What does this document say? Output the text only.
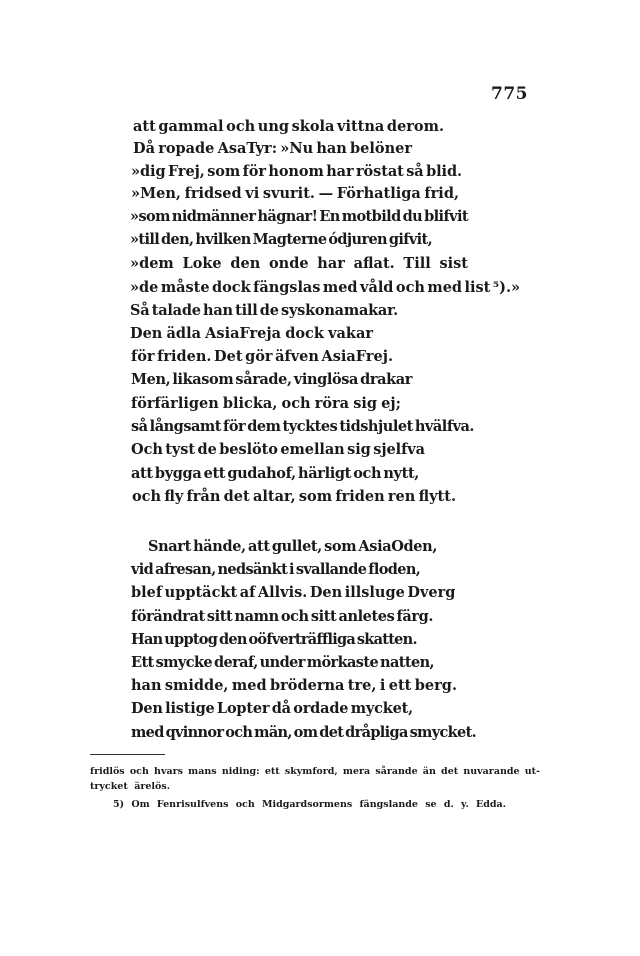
775
att gammal och ung skola vittna derom.
Då ropade AsaTyr: »Nu han belöner
»dig Frej, som för honom har röstat så blid.
»Men, fridsed vi svurit. — Förhatliga frid,
»som nidmänner hägnar! En motbild du blifvit
»till den, hvilken Magterne ódjuren gifvit,
»dem Loke den onde har aflat. Till sist
»de måste dock fängslas med våld och med list ⁵).»
Så talade han till de syskonamakar.
Den ädla AsiaFreja dock vakar
för friden. Det gör äfven AsiaFrej.
Men, likasom sårade, vinglösa drakar
förfärligen blicka, och röra sig ej;
så långsamt för dem tycktes tidshjulet hvälfva.
Och tyst de beslöto emellan sig sjelfva
att bygga ett gudahof, härligt och nytt,
och fly från det altar, som friden ren flytt.
Snart hände, att gullet, som AsiaOden,
vid afresan, nedsänkt i svallande floden,
blef upptäckt af Allvis. Den illsluge Dverg
förändrat sitt namn och sitt anletes färg.
Han upptog den oöfverträffliga skatten.
Ett smycke deraf, under mörkaste natten,
han smidde, med bröderna tre, i ett berg.
Den listige Lopter då ordade mycket,
med qvinnor och män, om det dråpliga smycket.
fridlös och hvars mans niding: ett skymford, mera sårande än det nuvarande ut-
trycket ärelös.
5) Om Fenrisulfvens och Midgardsormens fängslande se d. y. Edda.
